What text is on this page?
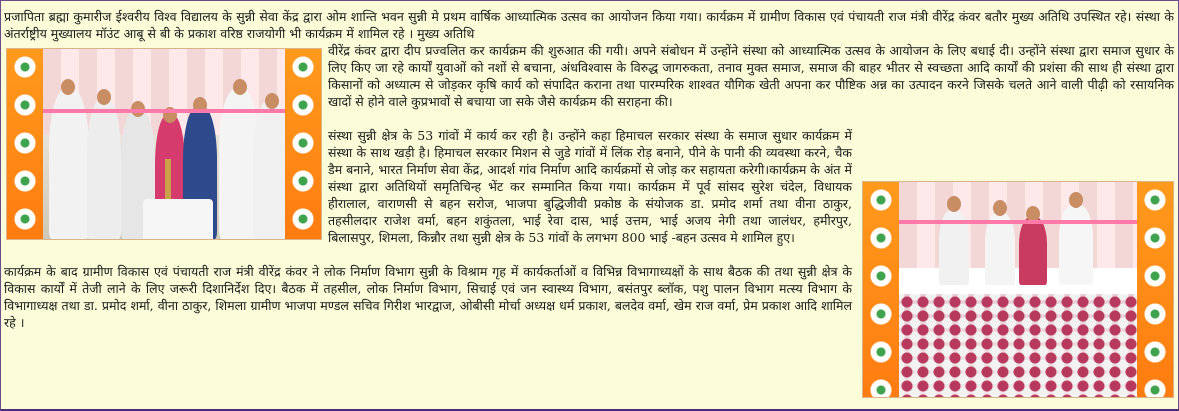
प्रजापिता ब्रह्मा कुमारीज ईश्वरीय विश्व विद्यालय के सुन्नी सेवा केंद्र द्वारा ओम शान्ति भवन सुन्नी मे प्रथम वार्षिक आध्यात्मिक उत्सव का आयोजन किया गया। कार्यक्रम में ग्रामीण विकास एवं पंचायती राज मंत्री वीरेंद्र कंवर बतौर मुख्य अतिथि उपस्थित रहे। संस्था के अंतर्राष्ट्रीय मुख्यालय मॉउंट आबू से बी के प्रकाश वरिष्ठ राजयोगी भी कार्यक्रम में शामिल रहे । मुख्य अतिथि

वीरेंद्र कंवर द्वारा दीप प्रज्वलित कर कार्यक्रम की शुरुआत की गयी। अपने संबोधन में उन्होंने संस्था को आध्यात्मिक उत्सव के आयोजन के लिए बधाई दी। उन्होंने संस्था द्वारा समाज सुधार के लिए किए जा रहे कार्यों युवाओं को नशों से बचाना, अंधविश्वास के विरुद्ध जागरुकता, तनाव मुक्त समाज, समाज की बाहर भीतर से स्वच्छता आदि कार्यों की प्रशंसा की साथ ही संस्था द्वारा किसानों को अध्यात्म से जोड़कर कृषि कार्य को संपादित कराना तथा पारम्परिक शाश्वत यौगिक खेती अपना कर पौष्टिक अन्न का उत्पादन करने जिसके चलते आने वाली पीढ़ी को रसायनिक खादों से होने वाले कुप्रभावों से बचाया जा सके जैसे कार्यक्रम की सराहना की।

संस्था सुन्नी क्षेत्र के 53 गांवों में कार्य कर रही है। उन्होंने कहा हिमाचल सरकार संस्था के समाज सुधार कार्यक्रम में संस्था के साथ खड़ी है। हिमाचल सरकार मिशन से जुडे गांवों में लिंक रोड़ बनाने, पीने के पानी की व्यवस्था करने, चैक डैम बनाने, भारत निर्माण सेवा केंद्र, आदर्श गांव निर्माण आदि कार्यक्रमों से जोड़ कर सहायता करेगी।कार्यक्रम के अंत में संस्था द्वारा अतिथियों समृतिचिन्ह भेंट कर सम्मानित किया गया। कार्यक्रम में पूर्व सांसद सुरेश चंदेल, विधायक हीरालाल, वाराणसी से बहन सरोज, भाजपा बुद्धिजीवी प्रकोष्ठ के संयोजक डा. प्रमोद शर्मा तथा वीना ठाकुर, तहसीलदार राजेश वर्मा, बहन शकुंतला, भाई रेवा दास, भाई उत्तम, भाई अजय नेगी तथा जालंधर, हमीरपुर, बिलासपुर, शिमला, किन्नौर तथा सुन्नी क्षेत्र के 53 गांवों के लगभग 800 भाई -बहन उत्सव मे शामिल हुए।

कार्यक्रम के बाद ग्रामीण विकास एवं पंचायती राज मंत्री वीरेंद्र कंवर ने लोक निर्माण विभाग सुन्नी के विश्राम गृह में कार्यकर्ताओं व विभिन्न विभागाध्यक्षों के साथ बैठक की तथा सुन्नी क्षेत्र के विकास कार्यों में तेजी लाने के लिए जरूरी दिशानिर्देश दिए। बैठक में तहसील, लोक निर्माण विभाग, सिचाई एवं जन स्वास्थ्य विभाग, बसंतपुर ब्लॉक, पशु पालन विभाग मत्स्य विभाग के विभागाध्यक्ष तथा डा. प्रमोद शर्मा, वीना ठाकुर, शिमला ग्रामीण भाजपा मण्डल सचिव गिरीश भारद्वाज, ओबीसी मोर्चा अध्यक्ष धर्म प्रकाश, बलदेव वर्मा, खेम राज वर्मा, प्रेम प्रकाश आदि शामिल रहे ।
